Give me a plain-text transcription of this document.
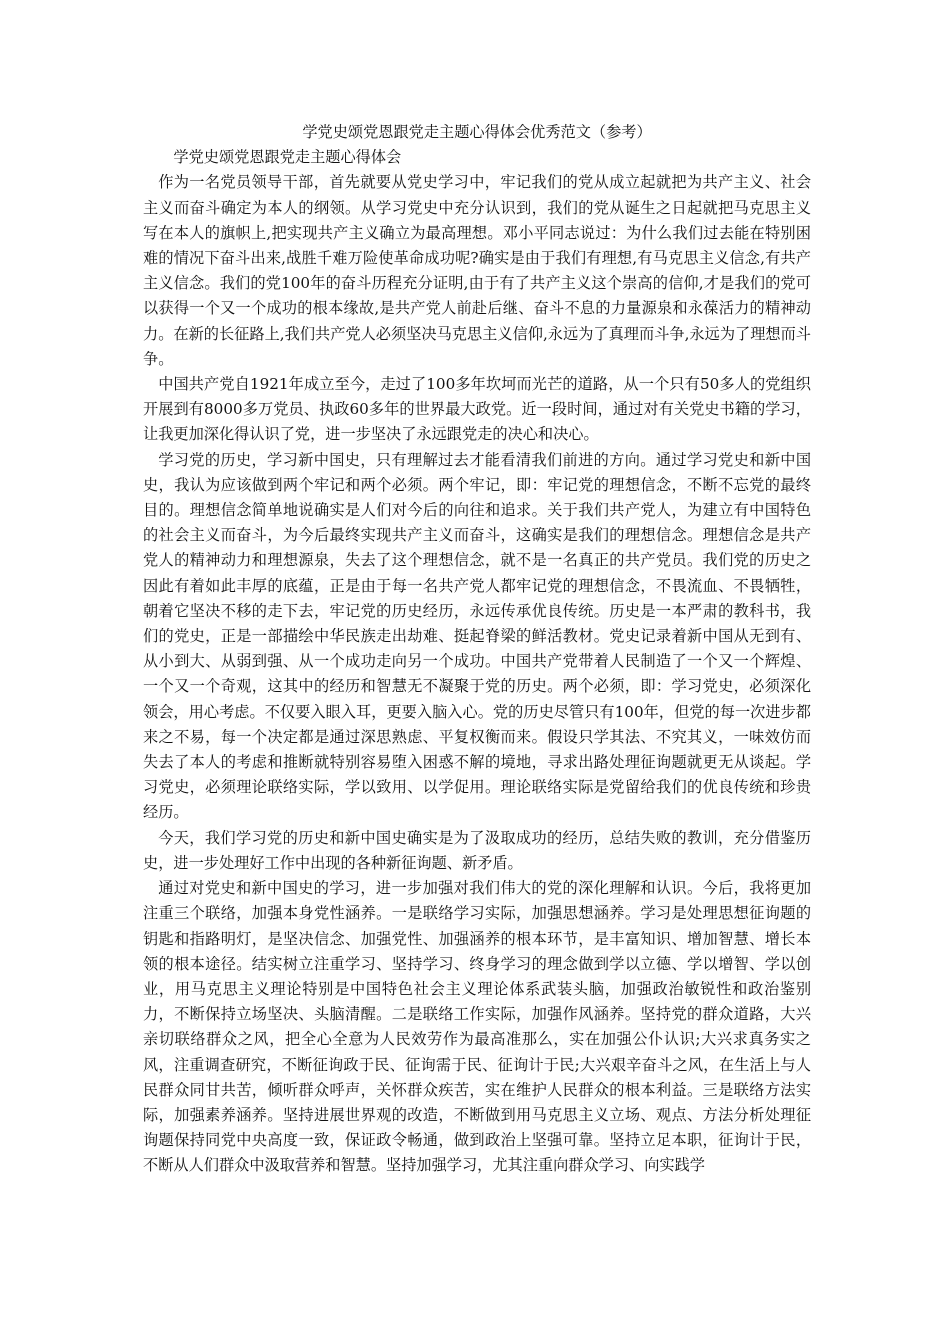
学党史颂党恩跟党走主题心得体会优秀范文（参考）
学党史颂党恩跟党走主题心得体会

作为一名党员领导干部，首先就要从党史学习中，牢记我们的党从成立起就把为共产主义、社会主义而奋斗确定为本人的纲领。从学习党史中充分认识到，我们的党从诞生之日起就把马克思主义写在本人的旗帜上,把实现共产主义确立为最高理想。邓小平同志说过：为什么我们过去能在特别困难的情况下奋斗出来,战胜千难万险使革命成功呢?确实是由于我们有理想,有马克思主义信念,有共产主义信念。我们的党100年的奋斗历程充分证明,由于有了共产主义这个崇高的信仰,才是我们的党可以获得一个又一个成功的根本缘故,是共产党人前赴后继、奋斗不息的力量源泉和永葆活力的精神动力。在新的长征路上,我们共产党人必须坚决马克思主义信仰,永远为了真理而斗争,永远为了理想而斗争。

中国共产党自1921年成立至今，走过了100多年坎坷而光芒的道路，从一个只有50多人的党组织开展到有8000多万党员、执政60多年的世界最大政党。近一段时间，通过对有关党史书籍的学习，让我更加深化得认识了党，进一步坚决了永远跟党走的决心和决心。

学习党的历史，学习新中国史，只有理解过去才能看清我们前进的方向。通过学习党史和新中国史，我认为应该做到两个牢记和两个必须。两个牢记，即：牢记党的理想信念，不断不忘党的最终目的。理想信念简单地说确实是人们对今后的向往和追求。关于我们共产党人，为建立有中国特色的社会主义而奋斗，为今后最终实现共产主义而奋斗，这确实是我们的理想信念。理想信念是共产党人的精神动力和理想源泉，失去了这个理想信念，就不是一名真正的共产党员。我们党的历史之因此有着如此丰厚的底蕴，正是由于每一名共产党人都牢记党的理想信念，不畏流血、不畏牺牲，朝着它坚决不移的走下去，牢记党的历史经历，永远传承优良传统。历史是一本严肃的教科书，我们的党史，正是一部描绘中华民族走出劫难、挺起脊梁的鲜活教材。党史记录着新中国从无到有、从小到大、从弱到强、从一个成功走向另一个成功。中国共产党带着人民制造了一个又一个辉煌、一个又一个奇观，这其中的经历和智慧无不凝聚于党的历史。两个必须，即：学习党史，必须深化领会，用心考虑。不仅要入眼入耳，更要入脑入心。党的历史尽管只有100年，但党的每一次进步都来之不易，每一个决定都是通过深思熟虑、平复权衡而来。假设只学其法、不究其义，一味效仿而失去了本人的考虑和推断就特别容易堕入困惑不解的境地，寻求出路处理征询题就更无从谈起。学习党史，必须理论联络实际，学以致用、以学促用。理论联络实际是党留给我们的优良传统和珍贵经历。

今天，我们学习党的历史和新中国史确实是为了汲取成功的经历，总结失败的教训，充分借鉴历史，进一步处理好工作中出现的各种新征询题、新矛盾。

通过对党史和新中国史的学习，进一步加强对我们伟大的党的深化理解和认识。今后，我将更加注重三个联络，加强本身党性涵养。一是联络学习实际，加强思想涵养。学习是处理思想征询题的钥匙和指路明灯，是坚决信念、加强党性、加强涵养的根本环节，是丰富知识、增加智慧、增长本领的根本途径。结实树立注重学习、坚持学习、终身学习的理念做到学以立德、学以增智、学以创业，用马克思主义理论特别是中国特色社会主义理论体系武装头脑，加强政治敏锐性和政治鉴别力，不断保持立场坚决、头脑清醒。二是联络工作实际，加强作风涵养。坚持党的群众道路，大兴亲切联络群众之风，把全心全意为人民效劳作为最高准那么，实在加强公仆认识;大兴求真务实之风，注重调查研究，不断征询政于民、征询需于民、征询计于民;大兴艰辛奋斗之风，在生活上与人民群众同甘共苦，倾听群众呼声，关怀群众疾苦，实在维护人民群众的根本利益。三是联络方法实际，加强素养涵养。坚持进展世界观的改造，不断做到用马克思主义立场、观点、方法分析处理征询题保持同党中央高度一致，保证政令畅通，做到政治上坚强可靠。坚持立足本职，征询计于民，不断从人们群众中汲取营养和智慧。坚持加强学习，尤其注重向群众学习、向实践学
